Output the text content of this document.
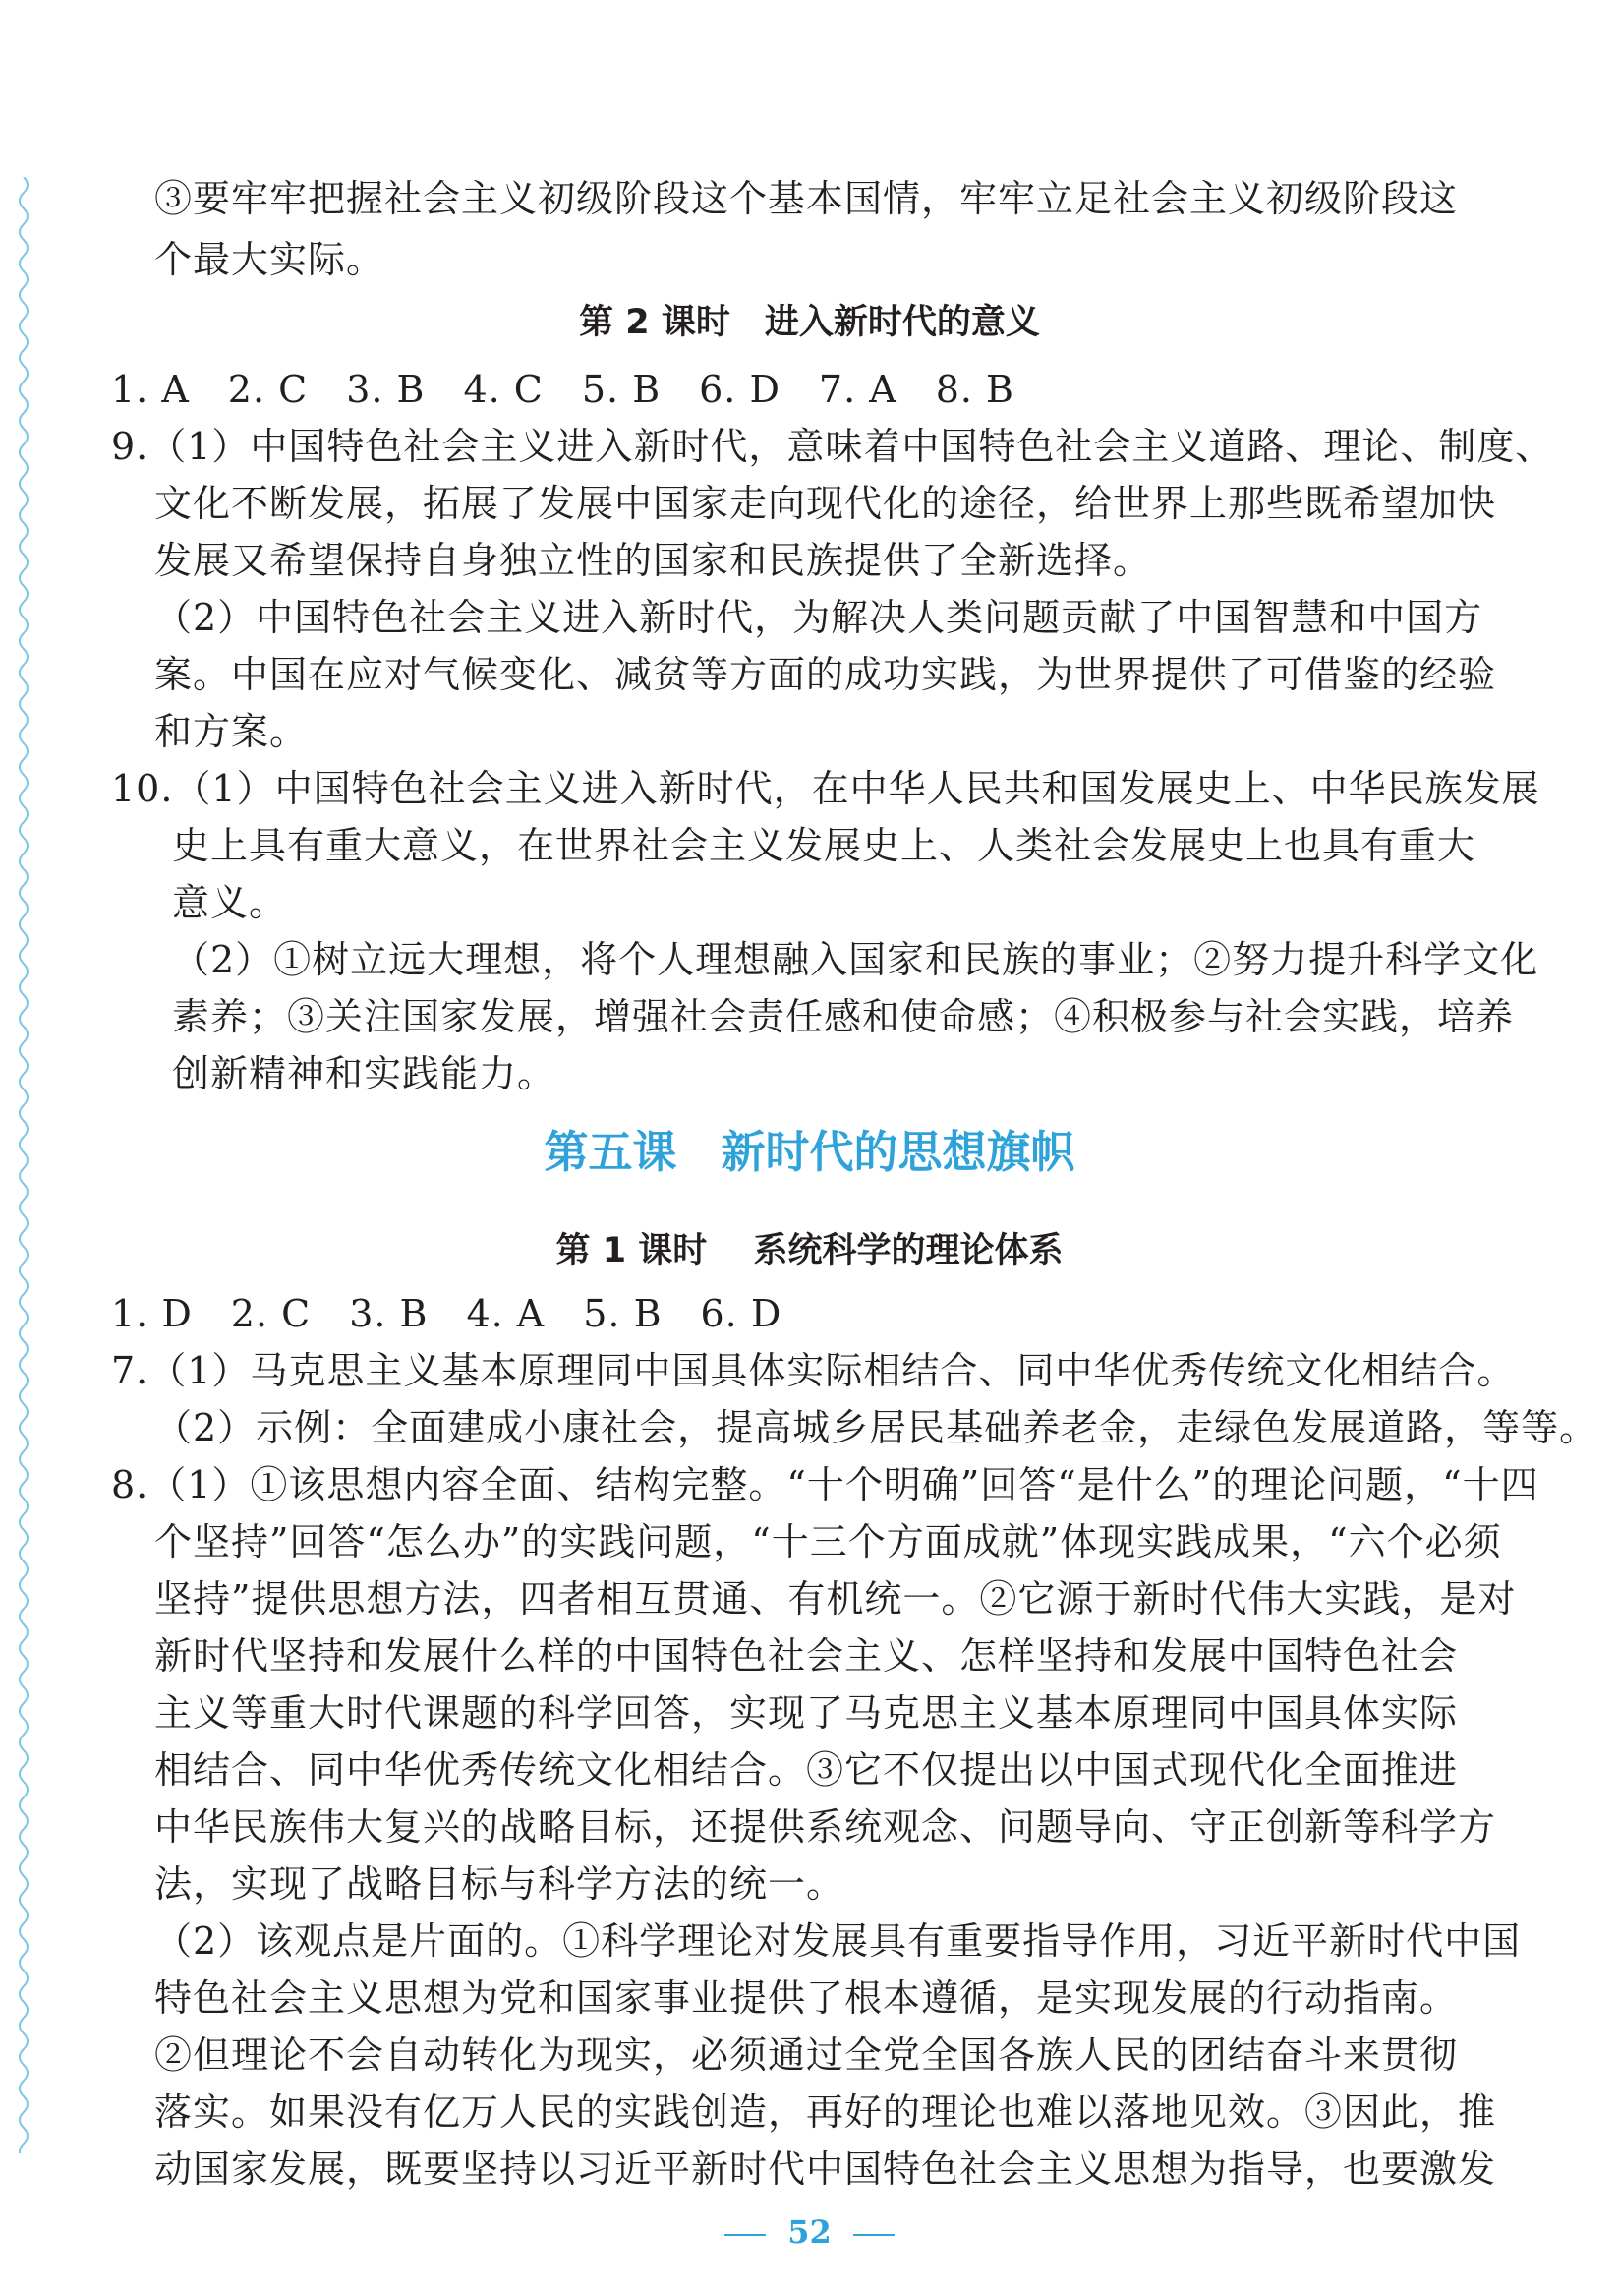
③要牢牢把握社会主义初级阶段这个基本国情，牢牢立足社会主义初级阶段这

个最大实际。

第 2 课时　进入新时代的意义

1. A　2. C　3. B　4. C　5. B　6. D　7. A　8. B

9.（1）中国特色社会主义进入新时代，意味着中国特色社会主义道路、理论、制度、

文化不断发展，拓展了发展中国家走向现代化的途径，给世界上那些既希望加快

发展又希望保持自身独立性的国家和民族提供了全新选择。

（2）中国特色社会主义进入新时代，为解决人类问题贡献了中国智慧和中国方

案。中国在应对气候变化、减贫等方面的成功实践，为世界提供了可借鉴的经验

和方案。

10.（1）中国特色社会主义进入新时代，在中华人民共和国发展史上、中华民族发展

史上具有重大意义，在世界社会主义发展史上、人类社会发展史上也具有重大

意义。

（2）①树立远大理想，将个人理想融入国家和民族的事业；②努力提升科学文化

素养；③关注国家发展，增强社会责任感和使命感；④积极参与社会实践，培养

创新精神和实践能力。

第五课　新时代的思想旗帜

第 1 课时　 系统科学的理论体系

1. D　2. C　3. B　4. A　5. B　6. D

7.（1）马克思主义基本原理同中国具体实际相结合、同中华优秀传统文化相结合。

（2）示例：全面建成小康社会，提高城乡居民基础养老金，走绿色发展道路，等等。

8.（1）①该思想内容全面、结构完整。“十个明确”回答“是什么”的理论问题，“十四

个坚持”回答“怎么办”的实践问题，“十三个方面成就”体现实践成果，“六个必须

坚持”提供思想方法，四者相互贯通、有机统一。②它源于新时代伟大实践，是对

新时代坚持和发展什么样的中国特色社会主义、怎样坚持和发展中国特色社会

主义等重大时代课题的科学回答，实现了马克思主义基本原理同中国具体实际

相结合、同中华优秀传统文化相结合。③它不仅提出以中国式现代化全面推进

中华民族伟大复兴的战略目标，还提供系统观念、问题导向、守正创新等科学方

法，实现了战略目标与科学方法的统一。

（2）该观点是片面的。①科学理论对发展具有重要指导作用，习近平新时代中国

特色社会主义思想为党和国家事业提供了根本遵循，是实现发展的行动指南。

②但理论不会自动转化为现实，必须通过全党全国各族人民的团结奋斗来贯彻

落实。如果没有亿万人民的实践创造，再好的理论也难以落地见效。③因此，推

动国家发展，既要坚持以习近平新时代中国特色社会主义思想为指导，也要激发

52
